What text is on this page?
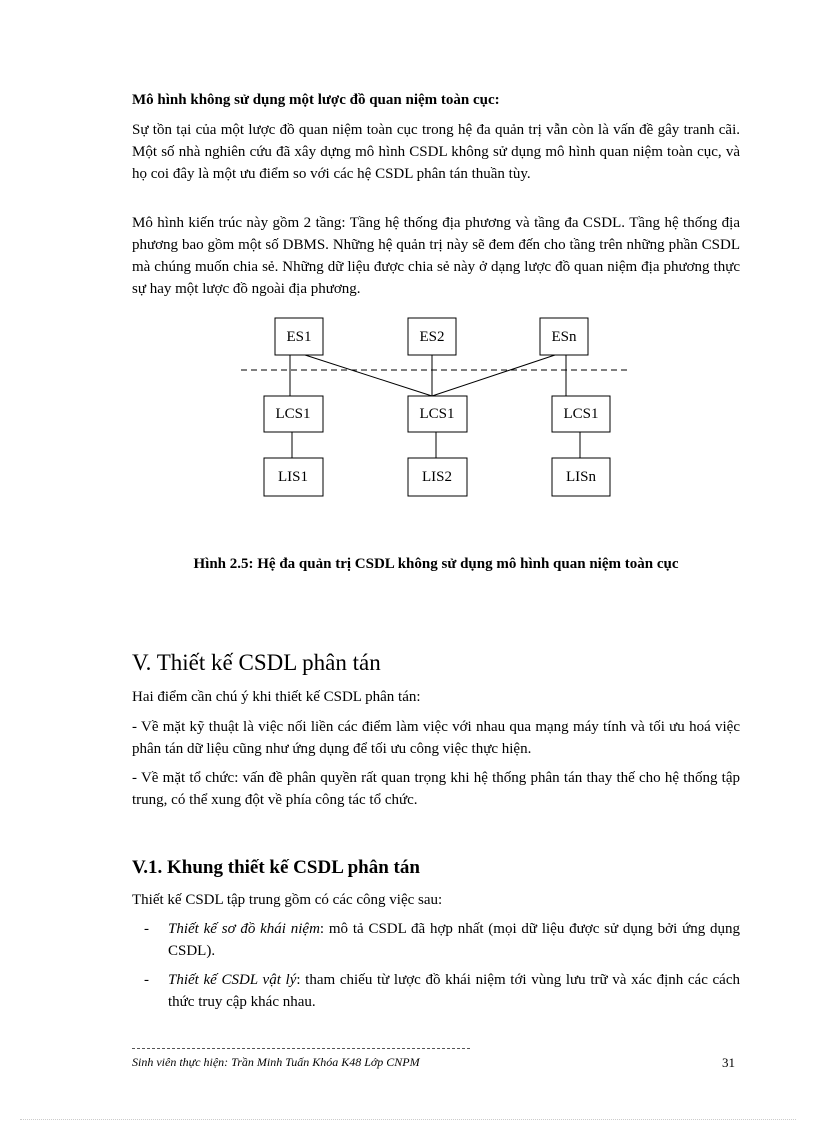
Mô hình không sử dụng một lược đồ quan niệm toàn cục:

Sự tồn tại của một lược đồ quan niệm toàn cục trong hệ đa quản trị vẫn còn là vấn đề gây tranh cãi. Một số nhà nghiên cứu đã xây dựng mô hình CSDL không sử dụng mô hình quan niệm toàn cục, và họ coi đây là một ưu điểm so với các hệ CSDL phân tán thuần tùy.

Mô hình kiến trúc này gồm 2 tầng: Tầng hệ thống địa phương và tầng đa CSDL. Tầng hệ thống địa phương bao gồm một số DBMS. Những hệ quản trị này sẽ đem đến cho tầng trên những phần CSDL mà chúng muốn chia sẻ. Những dữ liệu được chia sẻ này ở dạng lược đồ quan niệm địa phương thực sự hay một lược đồ ngoài địa phương.

ES1	ES2	ESn
LCS1	LCS1	LCS1
LIS1	LIS2	LISn
Hình 2.5: Hệ đa quản trị CSDL không sử dụng mô hình quan niệm toàn cục
V. Thiết kế CSDL phân tán

Hai điểm cần chú ý khi thiết kế CSDL phân tán:

- Về mặt kỹ thuật là việc nối liền các điểm làm việc với nhau qua mạng máy tính và tối ưu hoá việc phân tán dữ liệu cũng như ứng dụng để tối ưu công việc thực hiện.

- Về mặt tổ chức: vấn đề phân quyền rất quan trọng khi hệ thống phân tán thay thế cho hệ thống tập trung, có thể xung đột về phía công tác tổ chức.

V.1. Khung thiết kế CSDL phân tán

Thiết kế CSDL tập trung gồm có các công việc sau:

-	Thiết kế sơ đồ khái niệm: mô tả CSDL đã hợp nhất (mọi dữ liệu được sử dụng bởi ứng dụng CSDL).
-	Thiết kế CSDL vật lý: tham chiếu từ lược đồ khái niệm tới vùng lưu trữ và xác định các cách thức truy cập khác nhau.
Sinh viên thực hiện: Trần Minh Tuấn Khóa K48 Lớp CNPM	31
